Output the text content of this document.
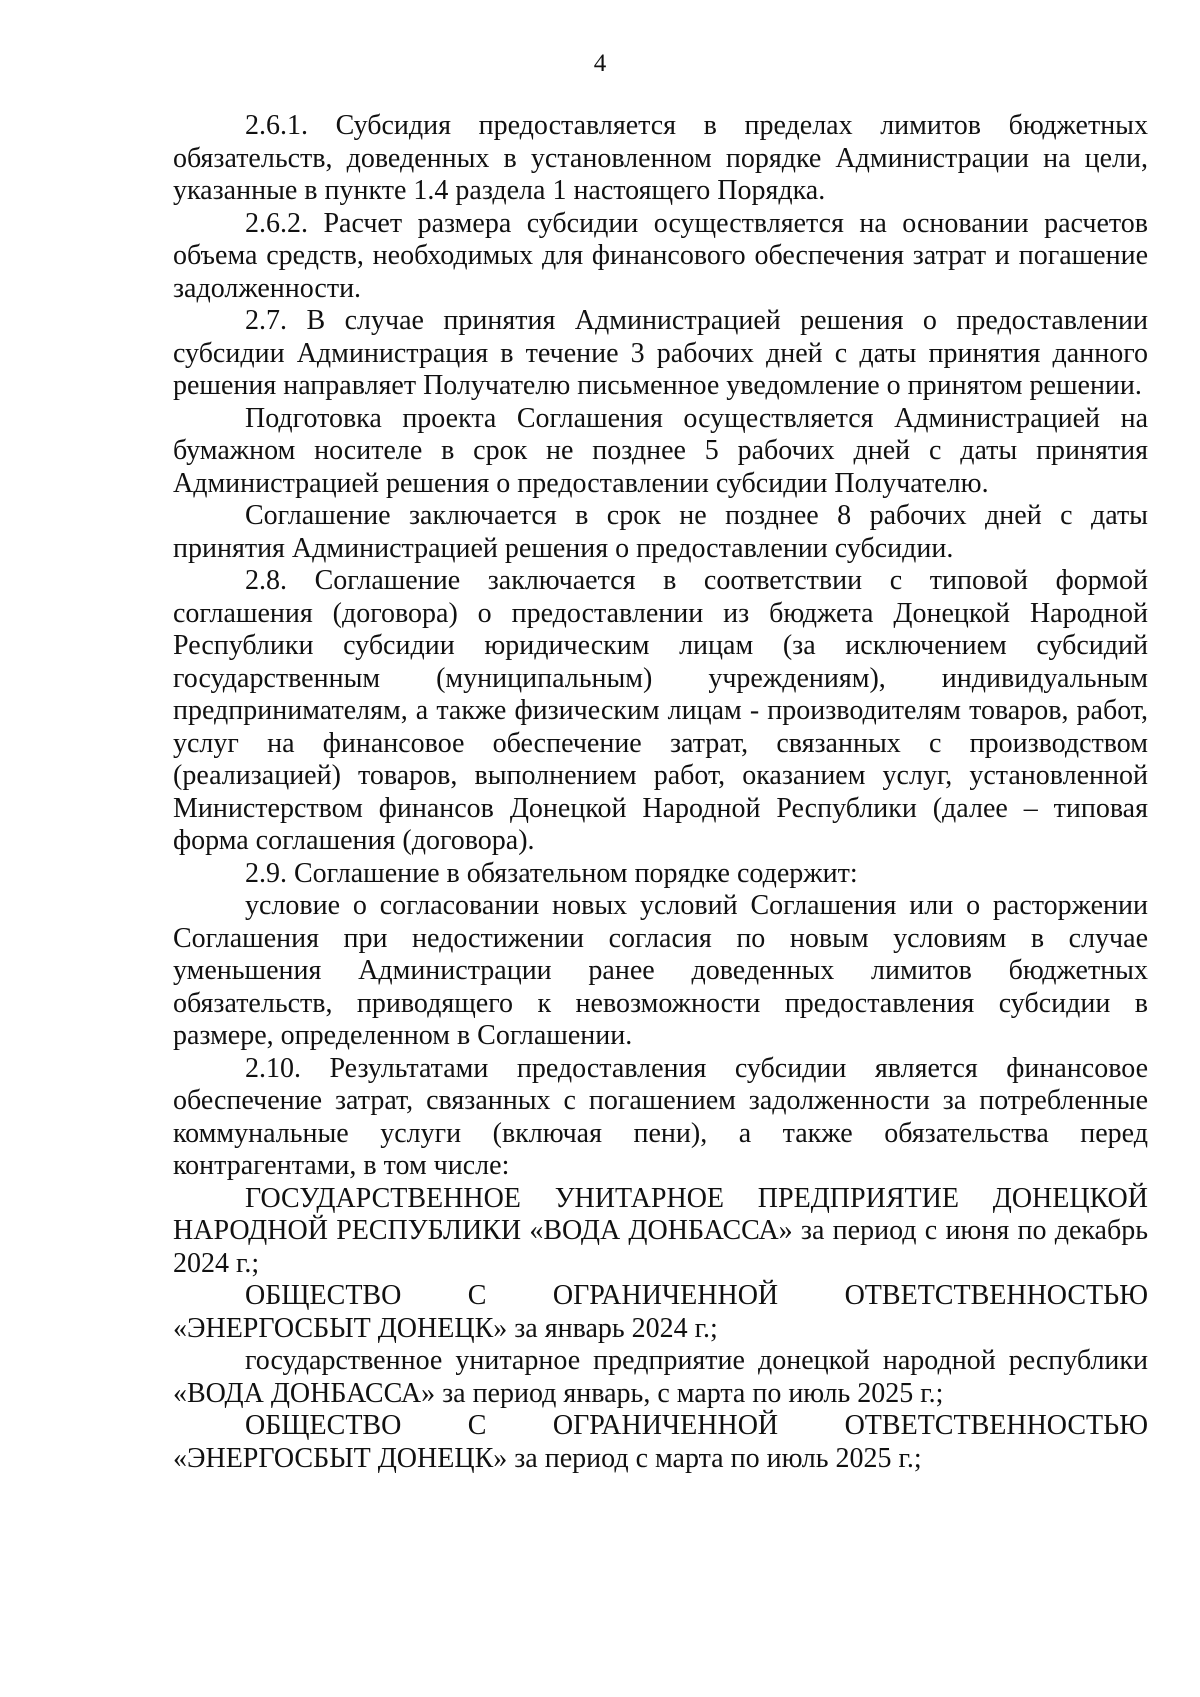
4

2.6.1. Субсидия предоставляется в пределах лимитов бюджетных обязательств, доведенных в установленном порядке Администрации на цели, указанные в пункте 1.4 раздела 1 настоящего Порядка.

2.6.2. Расчет размера субсидии осуществляется на основании расчетов объема средств, необходимых для финансового обеспечения затрат и погашение задолженности.

2.7. В случае принятия Администрацией решения о предоставлении субсидии Администрация в течение 3 рабочих дней с даты принятия данного решения направляет Получателю письменное уведомление о принятом решении.

Подготовка проекта Соглашения осуществляется Администрацией на бумажном носителе в срок не позднее 5 рабочих дней с даты принятия Администрацией решения о предоставлении субсидии Получателю.

Соглашение заключается в срок не позднее 8 рабочих дней с даты принятия Администрацией решения о предоставлении субсидии.

2.8. Соглашение заключается в соответствии с типовой формой соглашения (договора) о предоставлении из бюджета Донецкой Народной Республики субсидии юридическим лицам (за исключением субсидий государственным (муниципальным) учреждениям), индивидуальным предпринимателям, а также физическим лицам - производителям товаров, работ, услуг на финансовое обеспечение затрат, связанных с производством (реализацией) товаров, выполнением работ, оказанием услуг, установленной Министерством финансов Донецкой Народной Республики (далее – типовая форма соглашения (договора).

2.9. Соглашение в обязательном порядке содержит:

условие о согласовании новых условий Соглашения или о расторжении Соглашения при недостижении согласия по новым условиям в случае уменьшения Администрации ранее доведенных лимитов бюджетных обязательств, приводящего к невозможности предоставления субсидии в размере, определенном в Соглашении.

2.10. Результатами предоставления субсидии является финансовое обеспечение затрат, связанных с погашением задолженности за потребленные коммунальные услуги (включая пени), а также обязательства перед контрагентами, в том числе:

ГОСУДАРСТВЕННОЕ УНИТАРНОЕ ПРЕДПРИЯТИЕ ДОНЕЦКОЙ НАРОДНОЙ РЕСПУБЛИКИ «ВОДА ДОНБАССА» за период с июня по декабрь 2024 г.;

ОБЩЕСТВО С ОГРАНИЧЕННОЙ ОТВЕТСТВЕННОСТЬЮ «ЭНЕРГОСБЫТ ДОНЕЦК» за январь 2024 г.;

государственное унитарное предприятие донецкой народной республики «ВОДА ДОНБАССА» за период январь, с марта по июль 2025 г.;

ОБЩЕСТВО С ОГРАНИЧЕННОЙ ОТВЕТСТВЕННОСТЬЮ «ЭНЕРГОСБЫТ ДОНЕЦК» за период с марта по июль 2025 г.;
